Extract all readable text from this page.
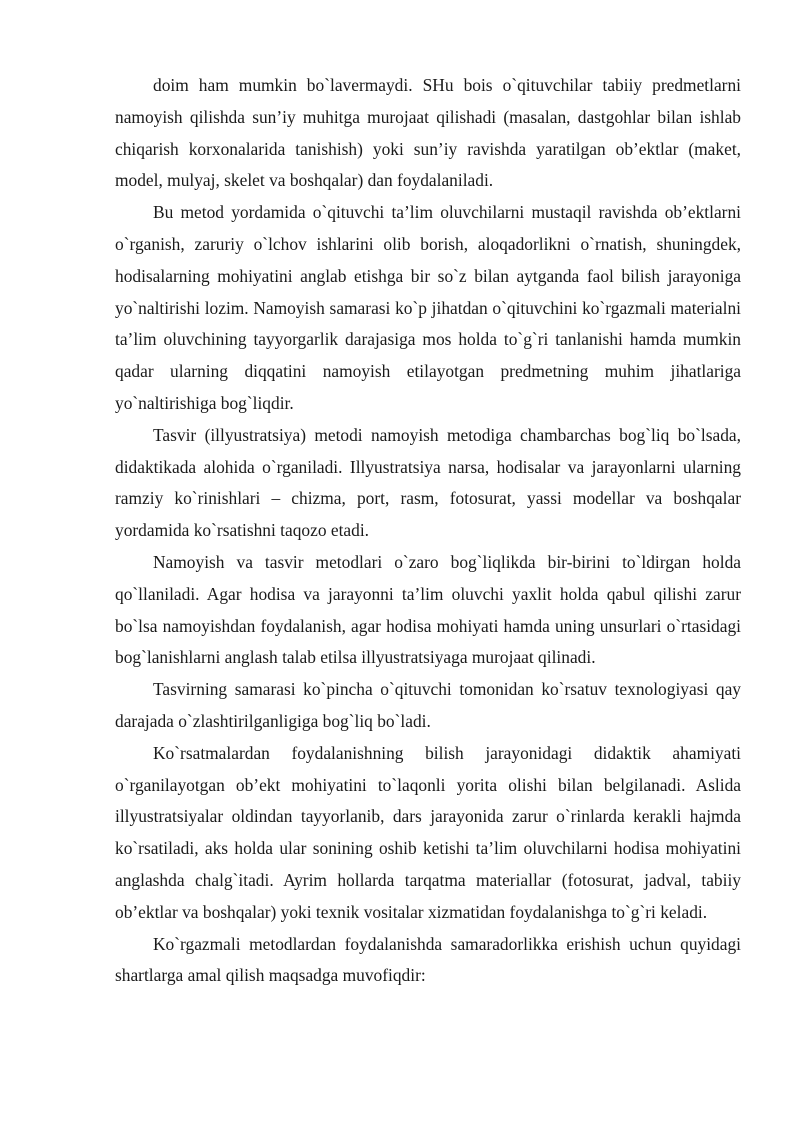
doim ham mumkin bo`lavermaydi. SHu bois o`qituvchilar tabiiy predmetlarni namoyish qilishda sun’iy muhitga murojaat qilishadi (masalan, dastgohlar bilan ishlab chiqarish korxonalarida tanishish) yoki sun’iy ravishda yaratilgan ob’ektlar (maket, model, mulyaj, skelet va boshqalar) dan foydalaniladi.

Bu metod yordamida o`qituvchi ta’lim oluvchilarni mustaqil ravishda ob’ektlarni o`rganish, zaruriy o`lchov ishlarini olib borish, aloqadorlikni o`rnatish, shuningdek, hodisalarning mohiyatini anglab etishga bir so`z bilan aytganda faol bilish jarayoniga yo`naltirishi lozim. Namoyish samarasi ko`p jihatdan o`qituvchini ko`rgazmali materialni ta’lim oluvchining tayyorgarlik darajasiga mos holda to`g`ri tanlanishi hamda mumkin qadar ularning diqqatini namoyish etilayotgan predmetning muhim jihatlariga yo`naltirishiga bog`liqdir.

Tasvir (illyustratsiya) metodi namoyish metodiga chambarchas bog`liq bo`lsada, didaktikada alohida o`rganiladi. Illyustratsiya narsa, hodisalar va jarayonlarni ularning ramziy ko`rinishlari – chizma, port, rasm, fotosurat, yassi modellar va boshqalar yordamida ko`rsatishni taqozo etadi.

Namoyish va tasvir metodlari o`zaro bog`liqlikda bir-birini to`ldirgan holda qo`llaniladi. Agar hodisa va jarayonni ta’lim oluvchi yaxlit holda qabul qilishi zarur bo`lsa namoyishdan foydalanish, agar hodisa mohiyati hamda uning unsurlari o`rtasidagi bog`lanishlarni anglash talab etilsa illyustratsiyaga murojaat qilinadi.

Tasvirning samarasi ko`pincha o`qituvchi tomonidan ko`rsatuv texnologiyasi qay darajada o`zlashtirilganligiga bog`liq bo`ladi.

Ko`rsatmalardan foydalanishning bilish jarayonidagi didaktik ahamiyati o`rganilayotgan ob’ekt mohiyatini to`laqonli yorita olishi bilan belgilanadi. Aslida illyustratsiyalar oldindan tayyorlanib, dars jarayonida zarur o`rinlarda kerakli hajmda ko`rsatiladi, aks holda ular sonining oshib ketishi ta’lim oluvchilarni hodisa mohiyatini anglashda chalg`itadi. Ayrim hollarda tarqatma materiallar (fotosurat, jadval, tabiiy ob’ektlar va boshqalar) yoki texnik vositalar xizmatidan foydalanishga to`g`ri keladi.

Ko`rgazmali metodlardan foydalanishda samaradorlikka erishish uchun quyidagi shartlarga amal qilish maqsadga muvofiqdir:
